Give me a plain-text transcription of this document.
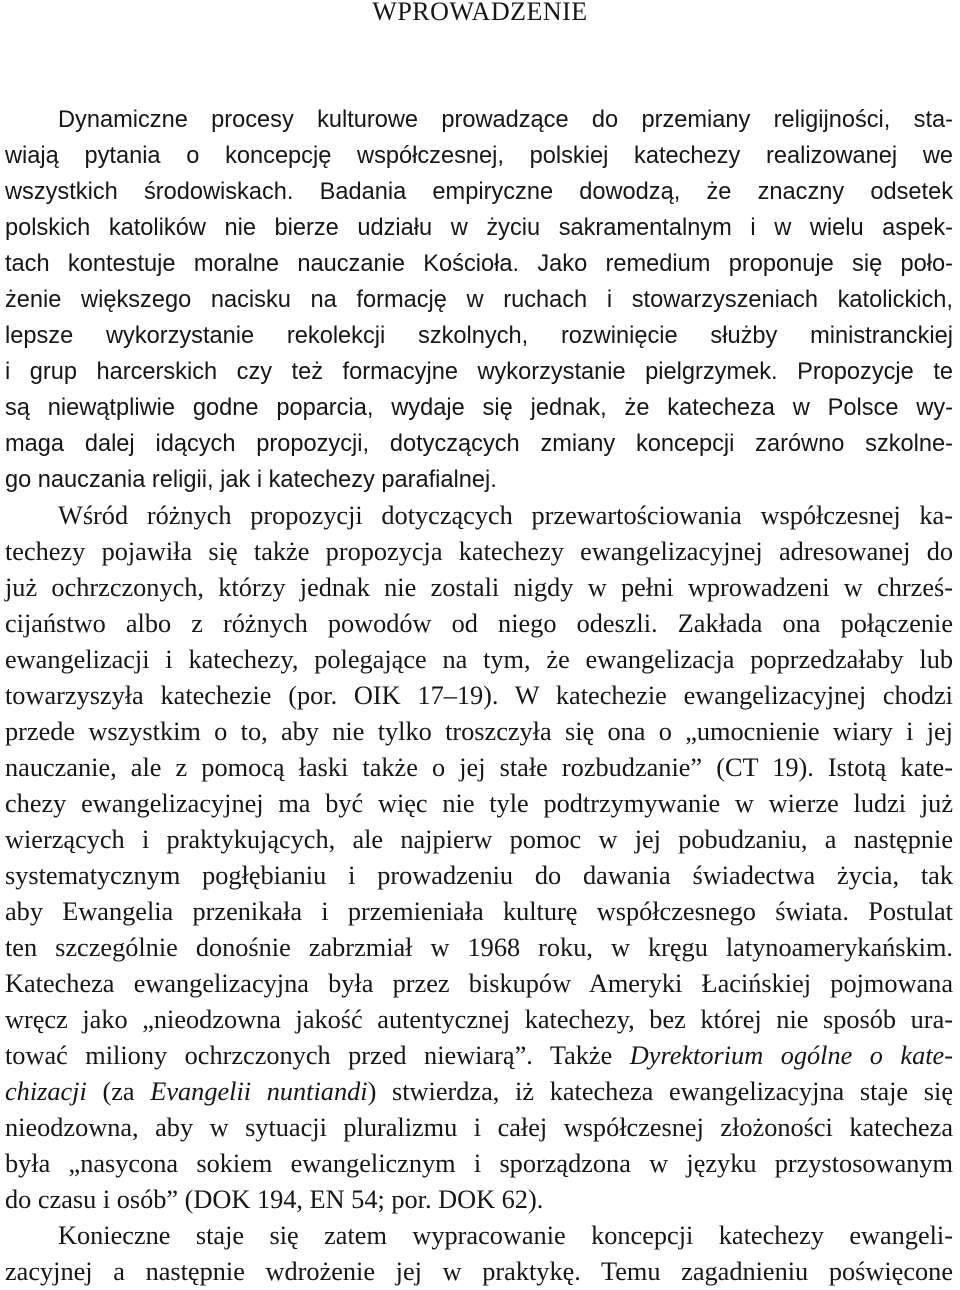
WPROWADZENIE
Dynamiczne procesy kulturowe prowadzące do przemiany religijności, sta-
wiają pytania o koncepcję współczesnej, polskiej katechezy realizowanej we
wszystkich środowiskach. Badania empiryczne dowodzą, że znaczny odsetek
polskich katolików nie bierze udziału w życiu sakramentalnym i w wielu aspek-
tach kontestuje moralne nauczanie Kościoła. Jako remedium proponuje się poło-
żenie większego nacisku na formację w ruchach i stowarzyszeniach katolickich,
lepsze wykorzystanie rekolekcji szkolnych, rozwinięcie służby ministranckiej
i grup harcerskich czy też formacyjne wykorzystanie pielgrzymek. Propozycje te
są niewątpliwie godne poparcia, wydaje się jednak, że katecheza w Polsce wy-
maga dalej idących propozycji, dotyczących zmiany koncepcji zarówno szkolne-
go nauczania religii, jak i katechezy parafialnej.
Wśród różnych propozycji dotyczących przewartościowania współczesnej ka-
techezy pojawiła się także propozycja katechezy ewangelizacyjnej adresowanej do
już ochrzczonych, którzy jednak nie zostali nigdy w pełni wprowadzeni w chrześ-
cijaństwo albo z różnych powodów od niego odeszli. Zakłada ona połączenie
ewangelizacji i katechezy, polegające na tym, że ewangelizacja poprzedzałaby lub
towarzyszyła katechezie (por. OIK 17–19). W katechezie ewangelizacyjnej chodzi
przede wszystkim o to, aby nie tylko troszczyła się ona o „umocnienie wiary i jej
nauczanie, ale z pomocą łaski także o jej stałe rozbudzanie” (CT 19). Istotą kate-
chezy ewangelizacyjnej ma być więc nie tyle podtrzymywanie w wierze ludzi już
wierzących i praktykujących, ale najpierw pomoc w jej pobudzaniu, a następnie
systematycznym pogłębianiu i prowadzeniu do dawania świadectwa życia, tak
aby Ewangelia przenikała i przemieniała kulturę współczesnego świata. Postulat
ten szczególnie donośnie zabrzmiał w 1968 roku, w kręgu latynoamerykańskim.
Katecheza ewangelizacyjna była przez biskupów Ameryki Łacińskiej pojmowana
wręcz jako „nieodzowna jakość autentycznej katechezy, bez której nie sposób ura-
tować miliony ochrzczonych przed niewiarą”. Także Dyrektorium ogólne o kate-
chizacji (za Evangelii nuntiandi) stwierdza, iż katecheza ewangelizacyjna staje się
nieodzowna, aby w sytuacji pluralizmu i całej współczesnej złożoności katecheza
była „nasycona sokiem ewangelicznym i sporządzona w języku przystosowanym
do czasu i osób” (DOK 194, EN 54; por. DOK 62).
Konieczne staje się zatem wypracowanie koncepcji katechezy ewangeli-
zacyjnej a następnie wdrożenie jej w praktykę. Temu zagadnieniu poświęcone
